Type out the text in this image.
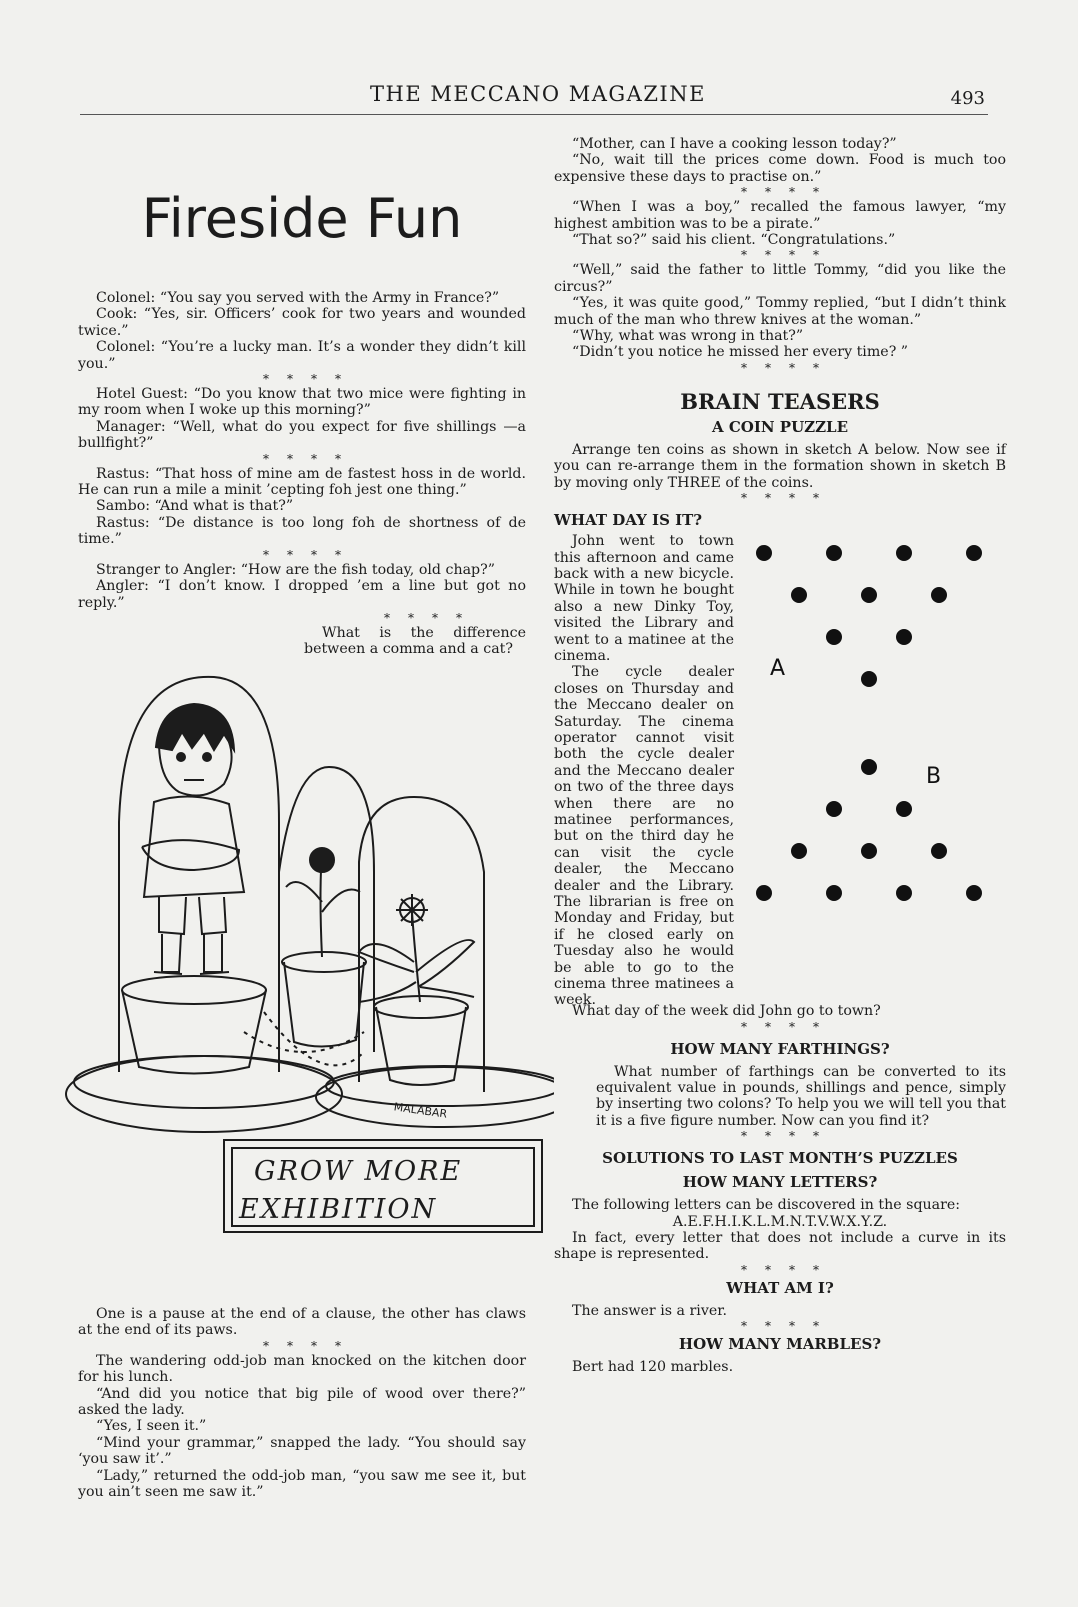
THE MECCANO MAGAZINE	493
Fireside Fun

Colonel: “You say you served with the Army in France?”

Cook: “Yes, sir. Officers’ cook for two years and wounded twice.”

Colonel: “You’re a lucky man. It’s a wonder they didn’t kill you.”

****

Hotel Guest: “Do you know that two mice were fighting in my room when I woke up this morning?”

Manager: “Well, what do you expect for five shillings —a bullfight?”

****

Rastus: “That hoss of mine am de fastest hoss in de world. He can run a mile a minit ’cepting foh jest one thing.”

Sambo: “And what is that?”

Rastus: “De distance is too long foh de shortness of de time.”

****

Stranger to Angler: “How are the fish today, old chap?”

Angler: “I don’t know. I dropped ’em a line but got no reply.”

****

What is the difference between a comma and a cat?

MALABAR
GROW MORE
EXHIBITION

One is a pause at the end of a clause, the other has claws at the end of its paws.

****

The wandering odd-job man knocked on the kitchen door for his lunch.

“And did you notice that big pile of wood over there?” asked the lady.

“Yes, I seen it.”

“Mind your grammar,” snapped the lady. “You should say ‘you saw it’.”

“Lady,” returned the odd-job man, “you saw me see it, but you ain’t seen me saw it.”

“Mother, can I have a cooking lesson today?”

“No, wait till the prices come down. Food is much too expensive these days to practise on.”

****

“When I was a boy,” recalled the famous lawyer, “my highest ambition was to be a pirate.”

“That so?” said his client. “Congratulations.”

****

“Well,” said the father to little Tommy, “did you like the circus?”

“Yes, it was quite good,” Tommy replied, “but I didn’t think much of the man who threw knives at the woman.”

“Why, what was wrong in that?”

“Didn’t you notice he missed her every time? ”

****
BRAIN TEASERS
A COIN PUZZLE

Arrange ten coins as shown in sketch A below. Now see if you can re-arrange them in the formation shown in sketch B by moving only THREE of the coins.

****
WHAT DAY IS IT?

John went to town this afternoon and came back with a new bicycle. While in town he bought also a new Dinky Toy, visited the Library and went to a matinee at the cinema.

The cycle dealer closes on Thursday and the Meccano dealer on Saturday. The cinema operator cannot visit both the cycle dealer and the Meccano dealer on two of the three days when there are no matinee performances, but on the third day he can visit the cycle dealer, the Meccano dealer and the Library. The librarian is free on Monday and Friday, but if he closed early on Tuesday also he would be able to go to the cinema three matinees a week.

A
B

What day of the week did John go to town?

****
HOW MANY FARTHINGS?

What number of farthings can be converted to its equivalent value in pounds, shillings and pence, simply by inserting two colons? To help you we will tell you that it is a five figure number. Now can you find it?

****
SOLUTIONS TO LAST MONTH’S PUZZLES
HOW MANY LETTERS?

The following letters can be discovered in the square:

A.E.F.H.I.K.L.M.N.T.V.W.X.Y.Z.

In fact, every letter that does not include a curve in its shape is represented.

****
WHAT AM I?

The answer is a river.

****
HOW MANY MARBLES?

Bert had 120 marbles.
